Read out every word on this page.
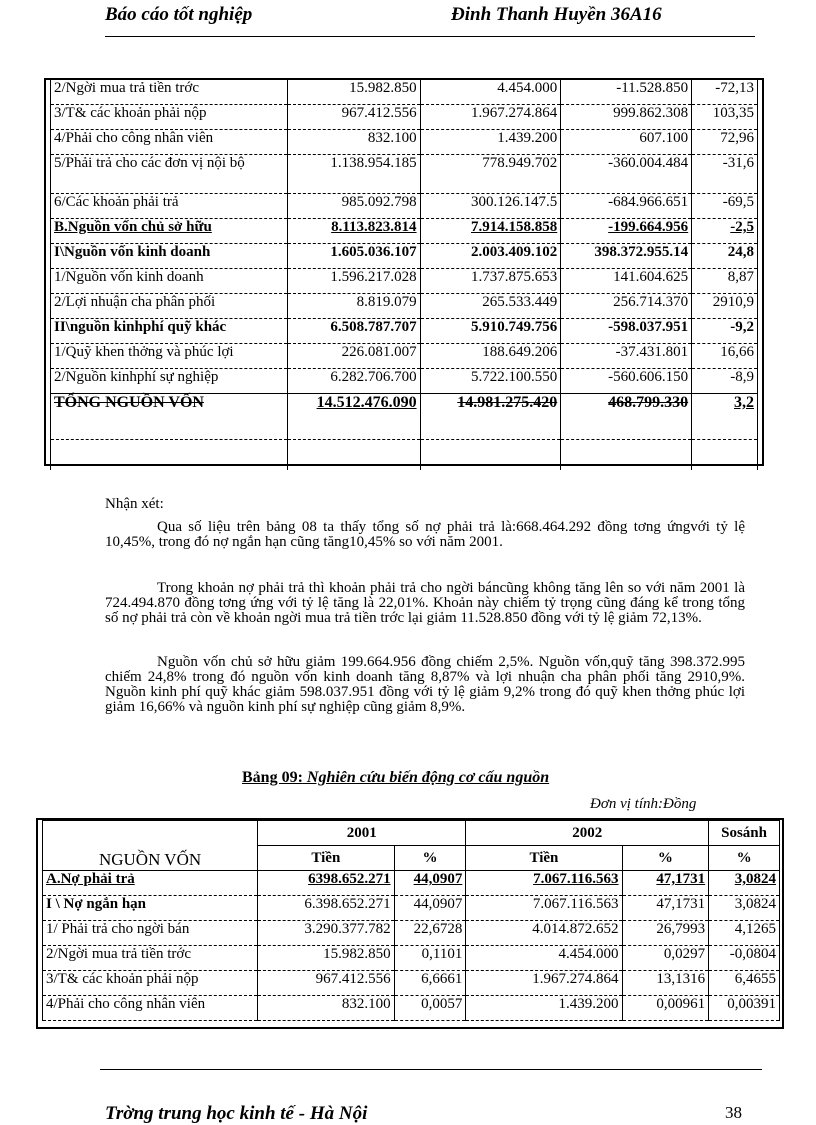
Báo cáo tốt nghiệp	Đinh Thanh Huyền 36A16
2/Ngời mua trả tiền trớc	15.982.850	4.454.000	-11.528.850	-72,13
3/T& các khoản phải nộp	967.412.556	1.967.274.864	999.862.308	103,35
4/Phải cho công nhân viên	832.100	1.439.200	607.100	72,96
5/Phải trả cho các đơn vị nội bộ	1.138.954.185	778.949.702	-360.004.484	-31,6
6/Các khoản phải trả	985.092.798	300.126.147.5	-684.966.651	-69,5
B.Nguồn vốn chủ sở hữu	8.113.823.814	7.914.158.858	-199.664.956	-2,5
I\Nguồn vốn kinh doanh	1.605.036.107	2.003.409.102	398.372.955.14	24,8
1/Nguồn vốn kinh doanh	1.596.217.028	1.737.875.653	141.604.625	8,87
2/Lợi nhuận cha phân phối	8.819.079	265.533.449	256.714.370	2910,9
II\nguồn kinhphí quỹ khác	6.508.787.707	5.910.749.756	-598.037.951	-9,2
1/Quỹ khen thởng và phúc lợi	226.081.007	188.649.206	-37.431.801	16,66
2/Nguồn kinhphí sự nghiệp	6.282.706.700	5.722.100.550	-560.606.150	-8,9
TỔNG NGUỒN VỐN	14.512.476.090	14.981.275.420	468.799.330	3,2

Nhận xét:
Qua số liệu trên bảng 08 ta thấy tổng số nợ phải trả là:668.464.292 đồng tơng ứngvới tỷ lệ 10,45%, trong đó nợ ngắn hạn cũng tăng10,45% so với năm 2001.
Trong khoản nợ phải trả thì khoản phải trả cho ngời báncũng không tăng lên so với năm 2001 là 724.494.870 đồng tơng ứng với tỷ lệ tăng là 22,01%. Khoản này chiếm tỷ trọng cũng đáng kể trong tổng số nợ phải trả còn về khoản ngời mua trả tiền trớc lại giảm 11.528.850 đồng với tỷ lệ giảm 72,13%.
Nguồn vốn chủ sở hữu giảm 199.664.956 đồng chiếm 2,5%. Nguồn vốn,quỹ tăng 398.372.995 chiếm 24,8% trong đó nguồn vốn kinh doanh tăng 8,87% và lợi nhuận cha phân phối tăng 2910,9%. Nguồn kinh phí quỹ khác giảm 598.037.951 đồng với tỷ lệ giảm 9,2% trong đó quỹ khen thởng phúc lợi giảm 16,66% và nguồn kinh phí sự nghiệp cũng giảm 8,9%.
Bảng 09: Nghiên cứu biến động cơ cấu nguồn
Đơn vị tính:Đồng
NGUỒN VỐN	2001		2002		Sosánh
	Tiền	%	Tiền	%	%
A.Nợ phải trả	6398.652.271	44,0907	7.067.116.563	47,1731	3,0824
I \ Nợ ngắn hạn	6.398.652.271	44,0907	7.067.116.563	47,1731	3,0824
1/ Phải trả cho ngời bán	3.290.377.782	22,6728	4.014.872.652	26,7993	4,1265
2/Ngời mua trả tiền trớc	15.982.850	0,1101	4.454.000	0,0297	-0,0804
3/T& các khoản phải nộp	967.412.556	6,6661	1.967.274.864	13,1316	6,4655
4/Phải cho công nhân viên	832.100	0,0057	1.439.200	0,00961	0,00391
Trờng trung học kinh tế - Hà Nội	38
